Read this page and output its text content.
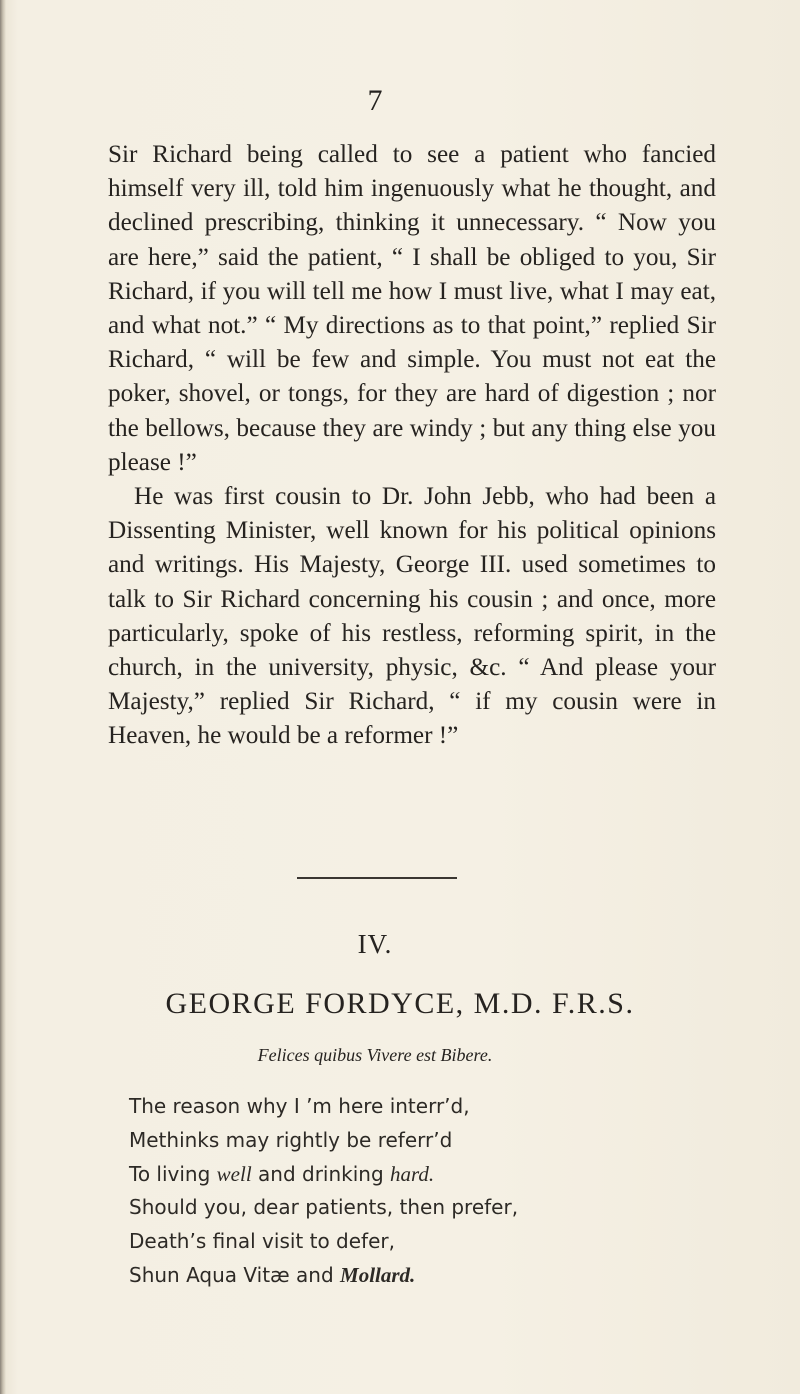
7

Sir Richard being called to see a patient who fancied himself very ill, told him ingenuously what he thought, and declined prescribing, thinking it unnecessary. “ Now you are here,” said the patient, “ I shall be obliged to you, Sir Richard, if you will tell me how I must live, what I may eat, and what not.” “ My directions as to that point,” replied Sir Richard, “ will be few and simple. You must not eat the poker, shovel, or tongs, for they are hard of digestion ; nor the bellows, because they are windy ; but any thing else you please !”

He was first cousin to Dr. John Jebb, who had been a Dissenting Minister, well known for his political opinions and writings. His Majesty, George III. used sometimes to talk to Sir Richard concerning his cousin ; and once, more particularly, spoke of his restless, reforming spirit, in the church, in the university, physic, &c. “ And please your Majesty,” replied Sir Richard, “ if my cousin were in Heaven, he would be a reformer !”

IV.
GEORGE FORDYCE, M.D. F.R.S.
Felices quibus Vivere est Bibere.
The reason why I ’m here interr’d,
Methinks may rightly be referr’d
To living well and drinking hard.
Should you, dear patients, then prefer,
Death’s final visit to defer,
Shun Aqua Vitæ and Mollard.
